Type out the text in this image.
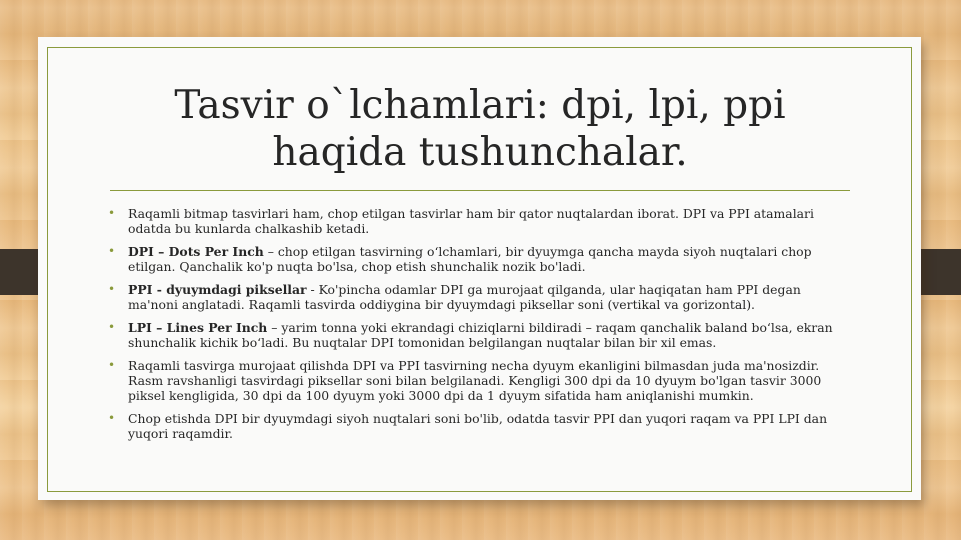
Tasvir o`lchamlari: dpi, lpi, ppi
haqida tushunchalar.
• Raqamli bitmap tasvirlari ham, chop etilgan tasvirlar ham bir qator nuqtalardan iborat. DPI va PPI atamalari odatda bu kunlarda chalkashib ketadi.
• DPI – Dots Per Inch – chop etilgan tasvirning o‘lchamlari, bir dyuymga qancha mayda siyoh nuqtalari chop etilgan. Qanchalik ko'p nuqta bo'lsa, chop etish shunchalik nozik bo'ladi.
• PPI - dyuymdagi piksellar - Ko'pincha odamlar DPI ga murojaat qilganda, ular haqiqatan ham PPI degan ma'noni anglatadi. Raqamli tasvirda oddiygina bir dyuymdagi piksellar soni (vertikal va gorizontal).
• LPI – Lines Per Inch – yarim tonna yoki ekrandagi chiziqlarni bildiradi – raqam qanchalik baland bo‘lsa, ekran shunchalik kichik bo‘ladi. Bu nuqtalar DPI tomonidan belgilangan nuqtalar bilan bir xil emas.
• Raqamli tasvirga murojaat qilishda DPI va PPI tasvirning necha dyuym ekanligini bilmasdan juda ma'nosizdir. Rasm ravshanligi tasvirdagi piksellar soni bilan belgilanadi. Kengligi 300 dpi da 10 dyuym bo'lgan tasvir 3000 piksel kengligida, 30 dpi da 100 dyuym yoki 3000 dpi da 1 dyuym sifatida ham aniqlanishi mumkin.
• Chop etishda DPI bir dyuymdagi siyoh nuqtalari soni bo'lib, odatda tasvir PPI dan yuqori raqam va PPI LPI dan yuqori raqamdir.
